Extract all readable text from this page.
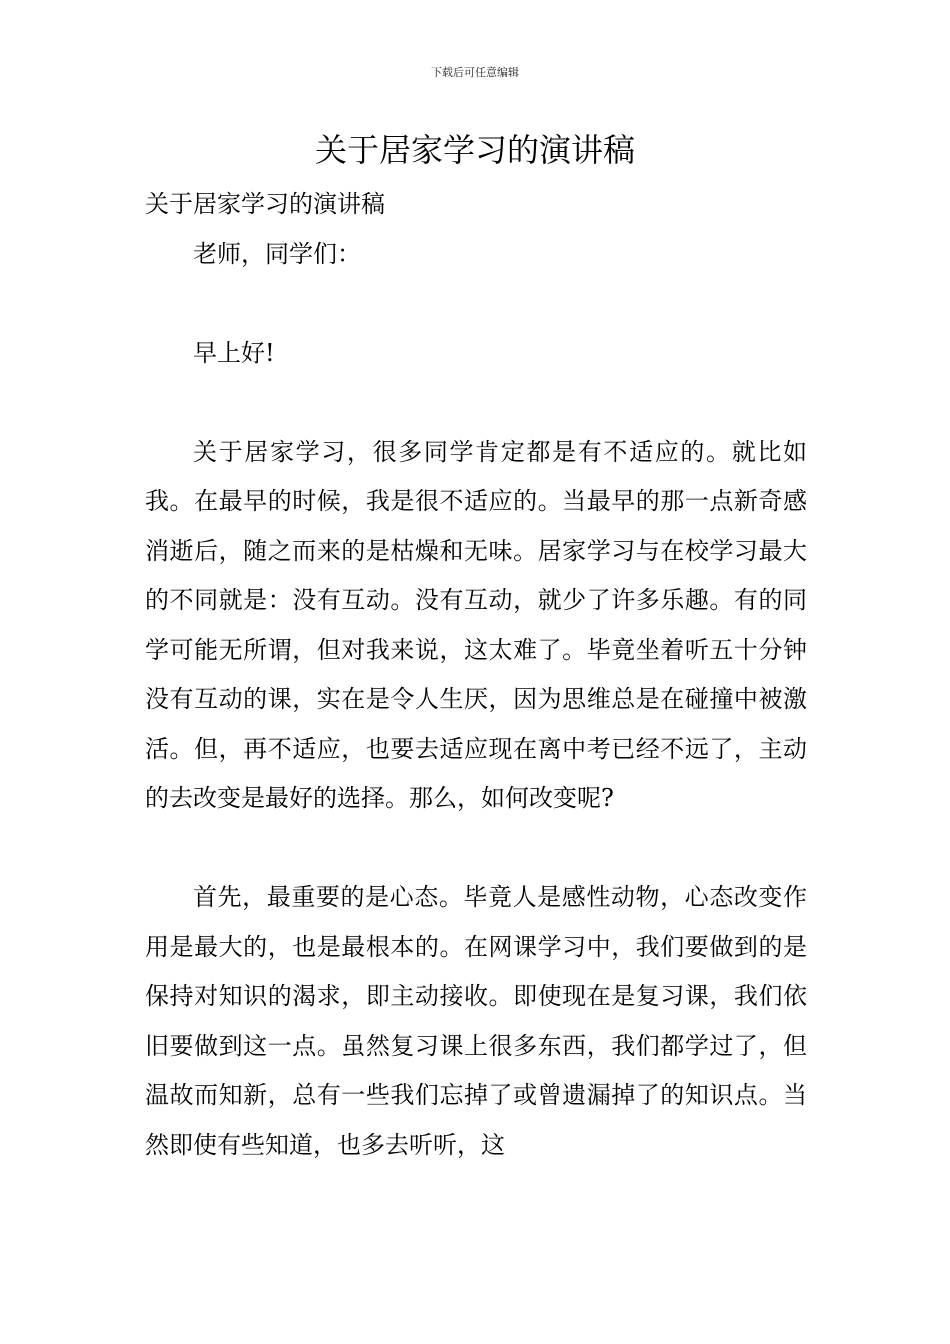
下载后可任意编辑
关于居家学习的演讲稿

关于居家学习的演讲稿

老师，同学们：

早上好!

关于居家学习，很多同学肯定都是有不适应的。就比如我。在最早的时候，我是很不适应的。当最早的那一点新奇感消逝后，随之而来的是枯燥和无味。居家学习与在校学习最大的不同就是：没有互动。没有互动，就少了许多乐趣。有的同学可能无所谓，但对我来说，这太难了。毕竟坐着听五十分钟没有互动的课，实在是令人生厌，因为思维总是在碰撞中被激活。但，再不适应，也要去适应现在离中考已经不远了，主动的去改变是最好的选择。那么，如何改变呢?

首先，最重要的是心态。毕竟人是感性动物，心态改变作用是最大的，也是最根本的。在网课学习中，我们要做到的是保持对知识的渴求，即主动接收。即使现在是复习课，我们依旧要做到这一点。虽然复习课上很多东西，我们都学过了，但温故而知新，总有一些我们忘掉了或曾遗漏掉了的知识点。当然即使有些知道，也多去听听，这
